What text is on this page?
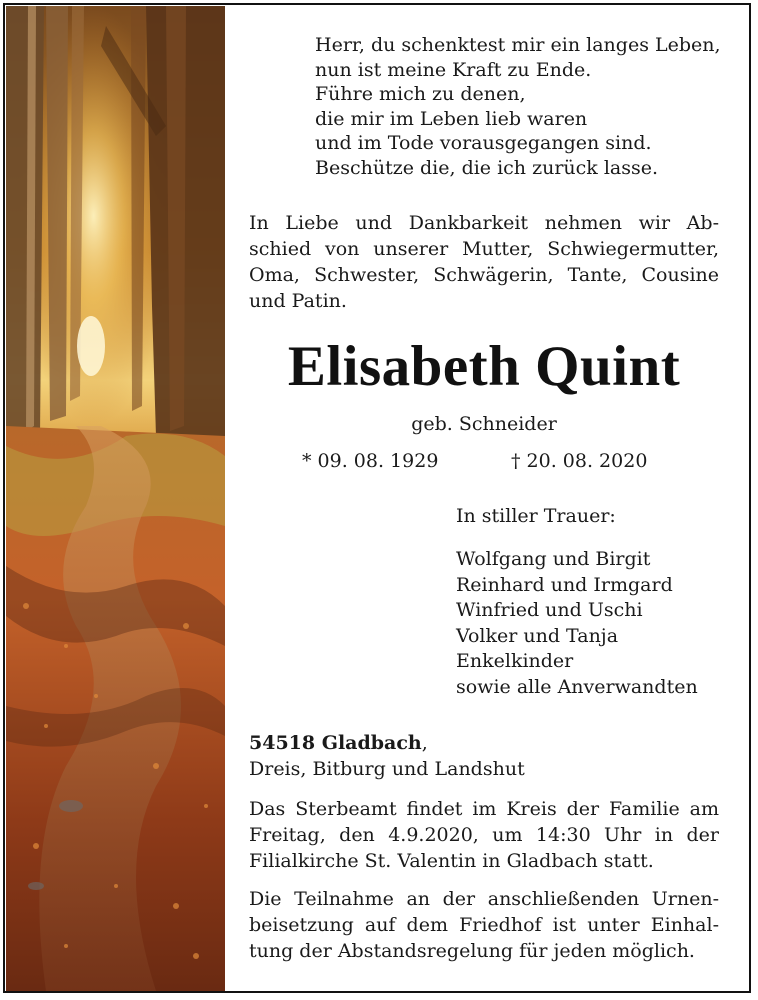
Herr, du schenktest mir ein langes Leben,
nun ist meine Kraft zu Ende.
Führe mich zu denen,
die mir im Leben lieb waren
und im Tode vorausgegangen sind.
Beschütze die, die ich zurück lasse.
In Liebe und Dankbarkeit nehmen wir Ab-
schied von unserer Mutter, Schwiegermutter,
Oma, Schwester, Schwägerin, Tante, Cousine
und Patin.
Elisabeth Quint
geb. Schneider
* 09. 08. 1929	† 20. 08. 2020
In stiller Trauer:
Wolfgang und Birgit
Reinhard und Irmgard
Winfried und Uschi
Volker und Tanja
Enkelkinder
sowie alle Anverwandten
54518 Gladbach,
Dreis, Bitburg und Landshut
Das Sterbeamt findet im Kreis der Familie am
Freitag, den 4.9.2020, um 14:30 Uhr in der
Filialkirche St. Valentin in Gladbach statt.
Die Teilnahme an der anschließenden Urnen-
beisetzung auf dem Friedhof ist unter Einhal-
tung der Abstandsregelung für jeden möglich.
